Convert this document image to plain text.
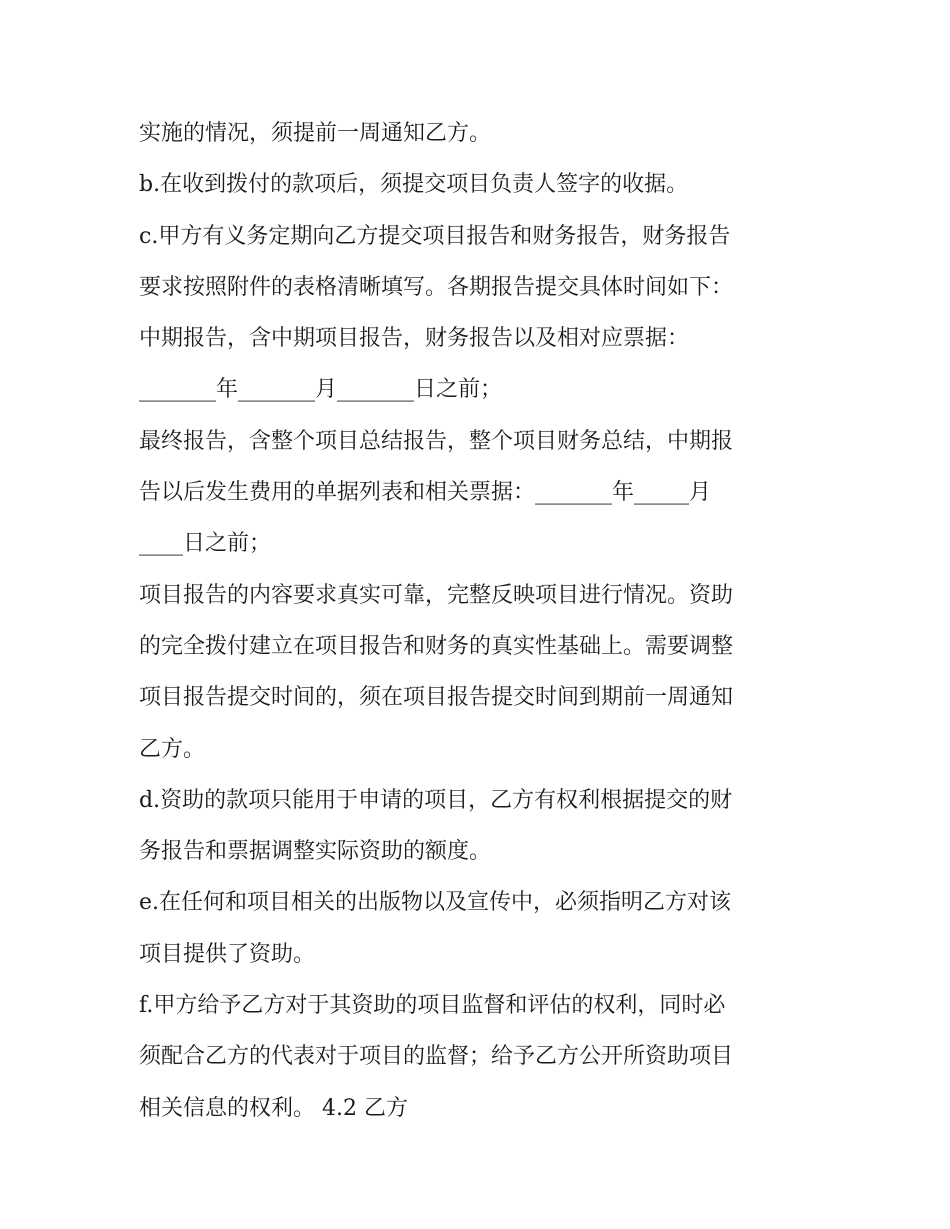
实施的情况，须提前一周通知乙方。
b.在收到拨付的款项后，须提交项目负责人签字的收据。
c.甲方有义务定期向乙方提交项目报告和财务报告，财务报告
要求按照附件的表格清晰填写。各期报告提交具体时间如下：
中期报告，含中期项目报告，财务报告以及相对应票据：
_______年_______月_______日之前；
最终报告，含整个项目总结报告，整个项目财务总结，中期报
告以后发生费用的单据列表和相关票据：_______年_____月
____日之前；
项目报告的内容要求真实可靠，完整反映项目进行情况。资助
的完全拨付建立在项目报告和财务的真实性基础上。需要调整
项目报告提交时间的，须在项目报告提交时间到期前一周通知
乙方。
d.资助的款项只能用于申请的项目，乙方有权利根据提交的财
务报告和票据调整实际资助的额度。
e.在任何和项目相关的出版物以及宣传中，必须指明乙方对该
项目提供了资助。
f.甲方给予乙方对于其资助的项目监督和评估的权利，同时必
须配合乙方的代表对于项目的监督；给予乙方公开所资助项目
相关信息的权利。 4.2 乙方
